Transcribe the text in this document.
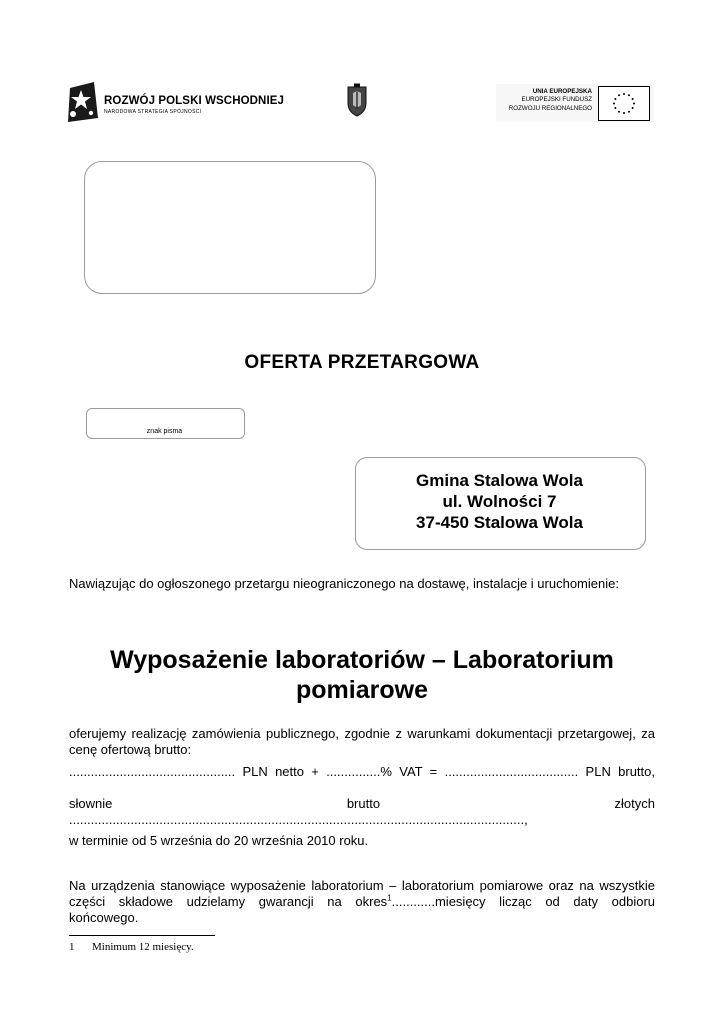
ROZWÓJ POLSKI WSCHODNIEJ
NARODOWA STRATEGIA SPÓJNOŚCI
UNIA EUROPEJSKA
EUROPEJSKI FUNDUSZ
ROZWOJU REGIONALNEGO
OFERTA PRZETARGOWA
znak pisma
Gmina Stalowa Wola
ul. Wolności 7
37-450 Stalowa Wola
Nawiązując do ogłoszonego przetargu nieograniczonego na dostawę, instalacje i uruchomienie:
Wyposażenie laboratoriów – Laboratorium
pomiarowe
oferujemy realizację zamówienia publicznego, zgodnie z warunkami dokumentacji przetargowej, za
cenę ofertową brutto:
.............................................. PLN netto + ...............% VAT = ..................................... PLN brutto,
słownie brutto złotych ..............................................................................................................................,
w terminie od 5 września do 20 września 2010 roku.
Na urządzenia stanowiące wyposażenie laboratorium – laboratorium pomiarowe oraz na wszystkie
części składowe udzielamy gwarancji na okres$^1$............miesięcy licząc od daty odbioru
końcowego.
1 Minimum 12 miesięcy.
